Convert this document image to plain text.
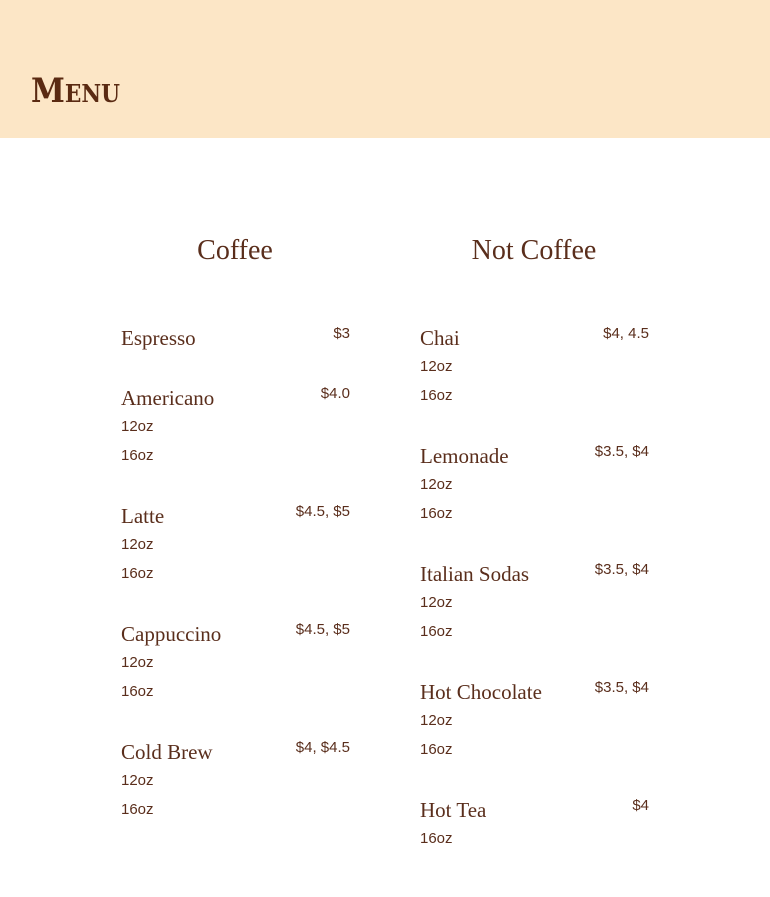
Menu
Coffee
Espresso	$3
Americano	$4.0
12oz
16oz
Latte	$4.5, $5
12oz
16oz
Cappuccino	$4.5, $5
12oz
16oz
Cold Brew	$4, $4.5
12oz
16oz
Not Coffee
Chai	$4, 4.5
12oz
16oz
Lemonade	$3.5, $4
12oz
16oz
Italian Sodas	$3.5, $4
12oz
16oz
Hot Chocolate	$3.5, $4
12oz
16oz
Hot Tea	$4
16oz
